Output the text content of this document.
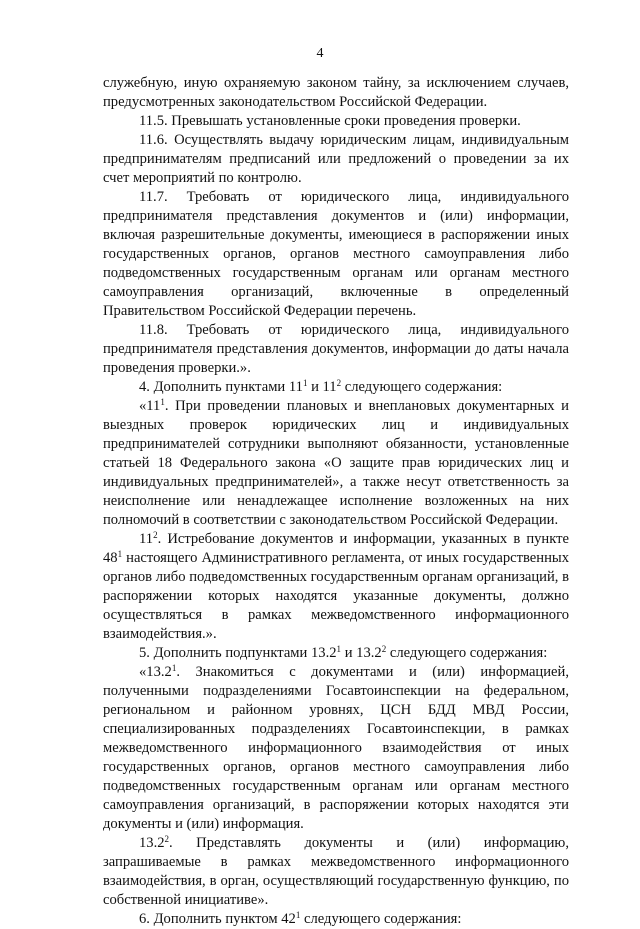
4

служебную, иную охраняемую законом тайну, за исключением случаев, предусмотренных законодательством Российской Федерации.

11.5. Превышать установленные сроки проведения проверки.

11.6. Осуществлять выдачу юридическим лицам, индивидуальным предпринимателям предписаний или предложений о проведении за их счет мероприятий по контролю.

11.7. Требовать от юридического лица, индивидуального предпринимателя представления документов и (или) информации, включая разрешительные документы, имеющиеся в распоряжении иных государственных органов, органов местного самоуправления либо подведомственных государственным органам или органам местного самоуправления организаций, включенные в определенный Правительством Российской Федерации перечень.

11.8. Требовать от юридического лица, индивидуального предпринимателя представления документов, информации до даты начала проведения проверки.».

4. Дополнить пунктами $11^1$ и $11^2$ следующего содержания:

«$11^1$. При проведении плановых и внеплановых документарных и выездных проверок юридических лиц и индивидуальных предпринимателей сотрудники выполняют обязанности, установленные статьей 18 Федерального закона «О защите прав юридических лиц и индивидуальных предпринимателей», а также несут ответственность за неисполнение или ненадлежащее исполнение возложенных на них полномочий в соответствии с законодательством Российской Федерации.

$11^2$. Истребование документов и информации, указанных в пункте $48^1$ настоящего Административного регламента, от иных государственных органов либо подведомственных государственным органам организаций, в распоряжении которых находятся указанные документы, должно осуществляться в рамках межведомственного информационного взаимодействия.».

5. Дополнить подпунктами 13.2$^1$ и 13.2$^2$ следующего содержания:

«13.2$^1$. Знакомиться с документами и (или) информацией, полученными подразделениями Госавтоинспекции на федеральном, региональном и районном уровнях, ЦСН БДД МВД России, специализированных подразделениях Госавтоинспекции, в рамках межведомственного информационного взаимодействия от иных государственных органов, органов местного самоуправления либо подведомственных государственным органам или органам местного самоуправления организаций, в распоряжении которых находятся эти документы и (или) информация.

13.2$^2$. Представлять документы и (или) информацию, запрашиваемые в рамках межведомственного информационного взаимодействия, в орган, осуществляющий государственную функцию, по собственной инициативе».

6. Дополнить пунктом $42^1$ следующего содержания:
